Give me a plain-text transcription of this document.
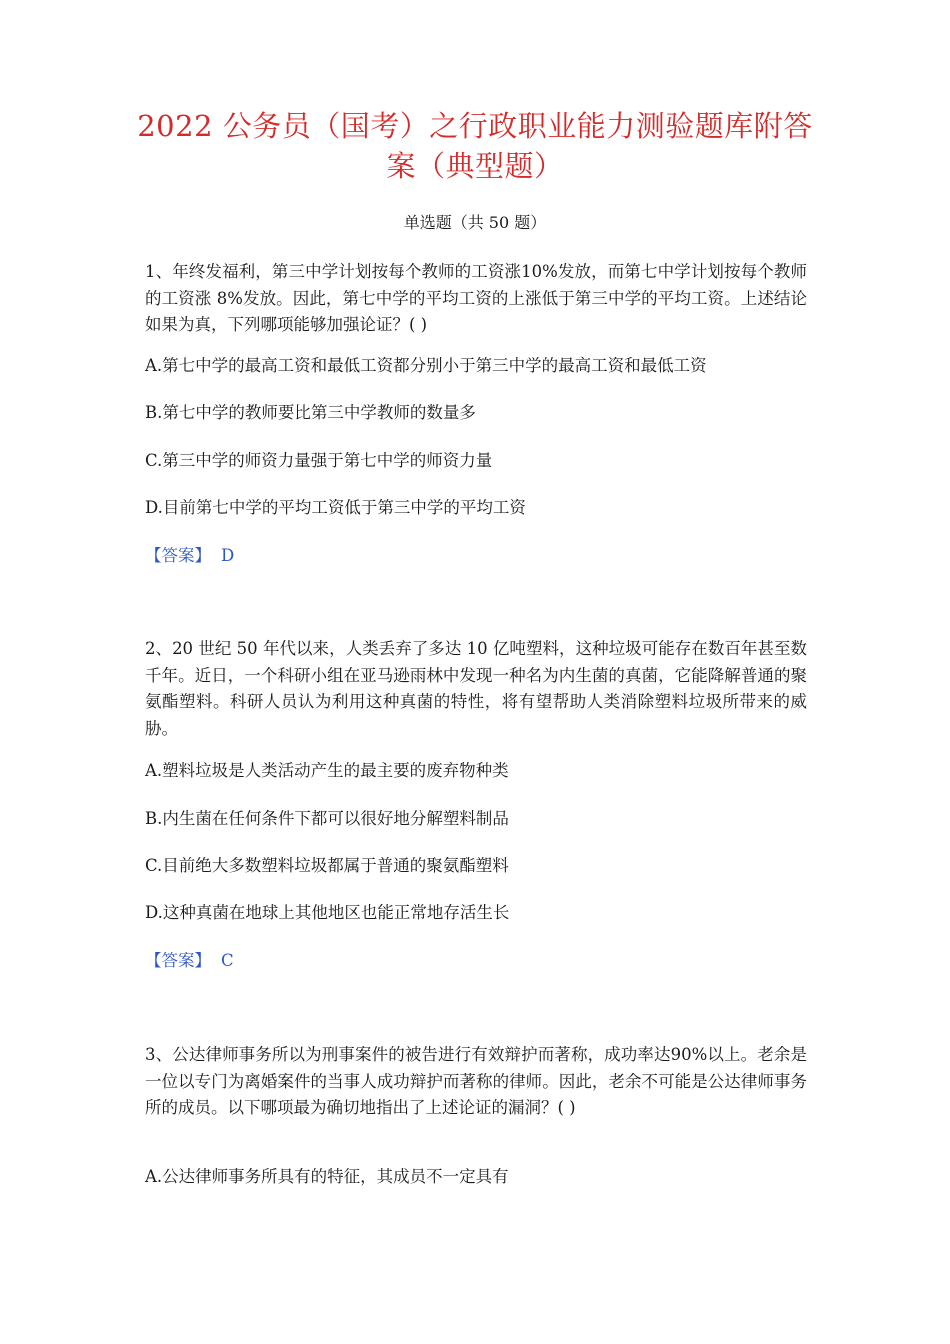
2022 公务员（国考）之行政职业能力测验题库附答
案（典型题）
单选题（共 50 题）

1、年终发福利，第三中学计划按每个教师的工资涨10%发放，而第七中学计划按每个教师的工资涨 8%发放。因此，第七中学的平均工资的上涨低于第三中学的平均工资。上述结论如果为真，下列哪项能够加强论证？( )

A.第七中学的最高工资和最低工资都分别小于第三中学的最高工资和最低工资

B.第七中学的教师要比第三中学教师的数量多

C.第三中学的师资力量强于第七中学的师资力量

D.目前第七中学的平均工资低于第三中学的平均工资

【答案】 D

2、20 世纪 50 年代以来，人类丢弃了多达 10 亿吨塑料，这种垃圾可能存在数百年甚至数千年。近日，一个科研小组在亚马逊雨林中发现一种名为内生菌的真菌，它能降解普通的聚氨酯塑料。科研人员认为利用这种真菌的特性，将有望帮助人类消除塑料垃圾所带来的威胁。

A.塑料垃圾是人类活动产生的最主要的废弃物种类

B.内生菌在任何条件下都可以很好地分解塑料制品

C.目前绝大多数塑料垃圾都属于普通的聚氨酯塑料

D.这种真菌在地球上其他地区也能正常地存活生长

【答案】 C

3、公达律师事务所以为刑事案件的被告进行有效辩护而著称，成功率达90%以上。老余是一位以专门为离婚案件的当事人成功辩护而著称的律师。因此，老余不可能是公达律师事务所的成员。以下哪项最为确切地指出了上述论证的漏洞？( )

A.公达律师事务所具有的特征，其成员不一定具有
